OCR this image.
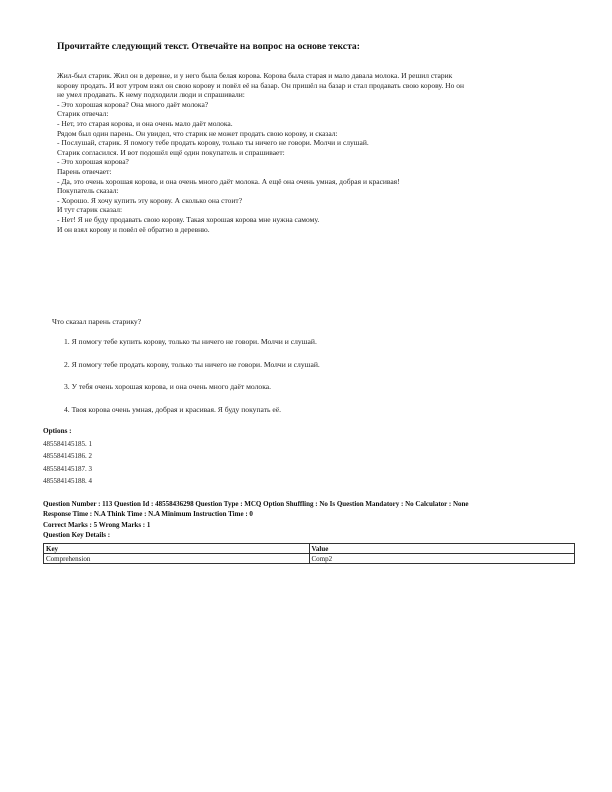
Прочитайте следующий текст. Отвечайте на вопрос на основе текста:
Жил-был старик. Жил он в деревне, и у него была белая корова. Корова была старая и мало давала молока. И решил старик корову продать. И вот утром взял он свою корову и повёл её на базар. Он пришёл на базар и стал продавать свою корову. Но он не умел продавать. К нему подходили люди и спрашивали:
- Это хорошая корова? Она много даёт молока?
Старик отвечал:
- Нет, это старая корова, и она очень мало даёт молока.
Рядом был один парень. Он увидел, что старик не может продать свою корову, и сказал:
- Послушай, старик. Я помогу тебе продать корову, только ты ничего не говори. Молчи и слушай.
Старик согласился. И вот подошёл ещё один покупатель и спрашивает:
- Это хорошая корова?
Парень отвечает:
- Да, это очень хорошая корова, и она очень много даёт молока. А ещё она очень умная, добрая и красивая!
Покупатель сказал:
- Хорошо. Я хочу купить эту корову. А сколько она стоит?
И тут старик сказал:
- Нет! Я не буду продавать свою корову. Такая хорошая корова мне нужна самому.
И он взял корову и повёл её обратно в деревню.
Что сказал парень старику?
1. Я помогу тебе купить корову, только ты ничего не говори. Молчи и слушай.
2. Я помогу тебе продать корову, только ты ничего не говори. Молчи и слушай.
3. У тебя очень хорошая корова, и она очень много даёт молока.
4. Твоя корова очень умная, добрая и красивая. Я буду покупать её.
Options :
485584145185. 1
485584145186. 2
485584145187. 3
485584145188. 4
Question Number : 113 Question Id : 48558436298 Question Type : MCQ Option Shuffling : No Is Question Mandatory : No Calculator : None
Response Time : N.A Think Time : N.A Minimum Instruction Time : 0
Correct Marks : 5 Wrong Marks : 1
Question Key Details :
Key	Value
Comprehension	Comp2
